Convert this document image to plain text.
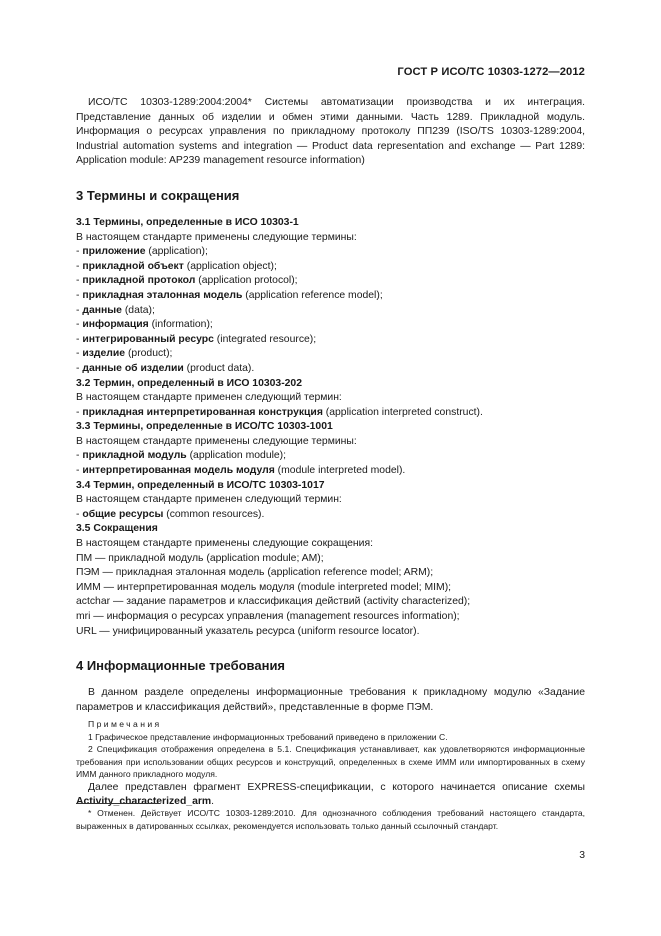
ГОСТ Р ИСО/ТС 10303-1272—2012

ИСО/ТС 10303-1289:2004:2004* Системы автоматизации производства и их интеграция. Представление данных об изделии и обмен этими данными. Часть 1289. Прикладной модуль. Информация о ресурсах управления по прикладному протоколу ПП239 (ISO/TS 10303-1289:2004, Industrial automation systems and integration — Product data representation and exchange — Part 1289: Application module: AP239 management resource information)

3 Термины и сокращения
3.1 Термины, определенные в ИСО 10303-1

В настоящем стандарте применены следующие термины:

- приложение (application);

- прикладной объект (application object);

- прикладной протокол (application protocol);

- прикладная эталонная модель (application reference model);

- данные (data);

- информация (information);

- интегрированный ресурс (integrated resource);

- изделие (product);

- данные об изделии (product data).

3.2 Термин, определенный в ИСО 10303-202

В настоящем стандарте применен следующий термин:

- прикладная интерпретированная конструкция (application interpreted construct).

3.3 Термины, определенные в ИСО/ТС 10303-1001

В настоящем стандарте применены следующие термины:

- прикладной модуль (application module);

- интерпретированная модель модуля (module interpreted model).

3.4 Термин, определенный в ИСО/ТС 10303-1017

В настоящем стандарте применен следующий термин:

- общие ресурсы (common resources).

3.5 Сокращения

В настоящем стандарте применены следующие сокращения:

ПМ — прикладной модуль (application module; AM);

ПЭМ — прикладная эталонная модель (application reference model; ARM);

ИММ — интерпретированная модель модуля (module interpreted model; MIM);

actchar — задание параметров и классификация действий (activity characterized);

mri — информация о ресурсах управления (management resources information);

URL — унифицированный указатель ресурса (uniform resource locator).

4 Информационные требования

В данном разделе определены информационные требования к прикладному модулю «Задание параметров и классификация действий», представленные в форме ПЭМ.

Примечания

1 Графическое представление информационных требований приведено в приложении С.

2 Спецификация отображения определена в 5.1. Спецификация устанавливает, как удовлетворяются информационные требования при использовании общих ресурсов и конструкций, определенных в схеме ИММ или импортированных в схему ИММ данного прикладного модуля.

Далее представлен фрагмент EXPRESS-спецификации, с которого начинается описание схемы Activity_characterized_arm.

* Отменен. Действует ИСО/ТС 10303-1289:2010. Для однозначного соблюдения требований настоящего стандарта, выраженных в датированных ссылках, рекомендуется использовать только данный ссылочный стандарт.

3
